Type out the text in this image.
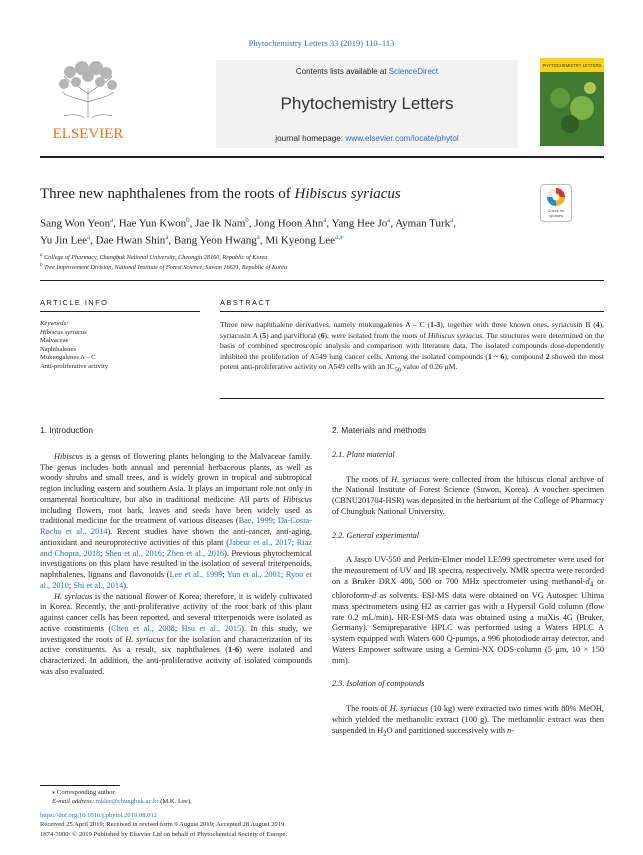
Phytochemistry Letters 33 (2019) 110–113
ELSEVIER
Contents lists available at ScienceDirect
Phytochemistry Letters
journal homepage: www.elsevier.com/locate/phytol
PHYTOCHEMISTRY LETTERS
Three new naphthalenes from the roots of Hibiscus syriacus
Check for updates
Sang Won Yeon$^a$, Hae Yun Kwon$^b$, Jae Ik Nam$^b$, Jong Hoon Ahn$^a$, Yang Hee Jo$^a$, Ayman Turk$^a$,
Yu Jin Lee$^a$, Dae Hwan Shin$^a$, Bang Yeon Hwang$^a$, Mi Kyeong Lee$^{a,⁎}$
$^a$ College of Pharmacy, Chungbuk National University, Cheongju 28160, Republic of Korea
$^b$ Tree Improvement Division, National Institute of Forest Science, Suwon 16631, Republic of Korea
ARTICLE INFO	ABSTRACT
Keywords:
Hibiscus syriacus
Malvaceae
Naphthalenes
Mukungalenes A – C
Anti-proliferative activity
Three new naphthalene derivatives, namely mukungalenes A – C (1-3), together with three known ones, syriacusin B (4), syriacusin A (5) and parvifloral (6), were isolated from the roots of Hibiscus syriacus. The structures were determined on the basis of combined spectroscopic analysis and comparison with literature data. The isolated compounds dose-dependently inhibited the proliferation of A549 lung cancer cells. Among the isolated compounds (1 ~ 6), compound 2 showed the most potent anti-proliferative activity on A549 cells with an $IC_{50}$ value of 0.26 μM.
1. Introduction

Hibiscus is a genus of flowering plants belonging to the Malvaceae family. The genus includes both annual and perennial herbaceous plants, as well as woody shrubs and small trees, and is widely grown in tropical and subtropical region including eastern and southern Asia. It plays an important role not only in ornamental horticulture, but also in traditional medicine. All parts of Hibiscus including flowers, root bark, leaves and seeds have been widely used as traditional medicine for the treatment of various diseases (Bae, 1999; Da-Costa-Rocha et al., 2014). Recent studies have shown the anti-cancer, anti-aging, antioxidant and neuroprotective activities of this plant (Jabeur et al., 2017; Riaz and Chopra, 2018; Shen et al., 2016; Zhen et al., 2016). Previous phytochemical investigations on this plant have resulted in the isolation of several triterpenoids, naphthalenes, lignans and flavonoids (Lee et al., 1999; Yun et al., 2001; Ryoo et al., 2010; Shi et al., 2014).

H. syriacus is the national flower of Korea; therefore, it is widely cultivated in Korea. Recently, the anti-proliferative activity of the root bark of this plant against cancer cells has been reported, and several triterpenoids were isolated as active constituents (Chen et al., 2008; Hsu et al., 2015). In this study, we investigated the roots of H. syriacus for the isolation and characterization of its active constituents. As a result, six naphthalenes (1-6) were isolated and characterized. In addition, the anti-proliferative activity of isolated compounds was also evaluated.

2. Materials and methods
2.1. Plant material

The roots of H. syriacus were collected from the hibiscus clonal archive of the National Institute of Forest Science (Suwon, Korea). A voucher specimen (CBNU201704-HSR) was deposited in the herbarium of the College of Pharmacy of Chungbuk National University.

2.2. General experimental

A Jasco UV-550 and Perkin-Elmer model LE599 spectrometer were used for the measurement of UV and IR spectra, respectively. NMR spectra were recorded on a Bruker DRX 400, 500 or 700 MHz spectrometer using methanol-$d_4$ or chloroform-d as solvents. ESI-MS data were obtained on VG Autospec Ultima mass spectrometers using H2 as carrier gas with a Hypersil Gold column (flow rate 0.2 mL/min). HR-ESI-MS data was obtained using a maXis 4G (Bruker, Germany). Semipreparative HPLC was performed using a Waters HPLC A system equipped with Waters 600 Q-pumps, a 996 photodiode array detector, and Waters Empower software using a Gemini-NX ODS-column (5 μm, 10 × 150 mm).

2.3. Isolation of compounds

The roots of H. syriacus (10 kg) were extracted two times with 80% MeOH, which yielded the methanolic extract (100 g). The methanolic extract was then suspended in $H_2O$ and partitioned successively with n-

⁎ Corresponding author.
E-mail address: mklee@chungbuk.ac.kr (M.K. Lee).
https://doi.org/10.1016/j.phytol.2019.08.012
Received 25 April 2019; Received in revised form 9 August 2019; Accepted 28 August 2019
1874-3900/ © 2019 Published by Elsevier Ltd on behalf of Phytochemical Society of Europe.
